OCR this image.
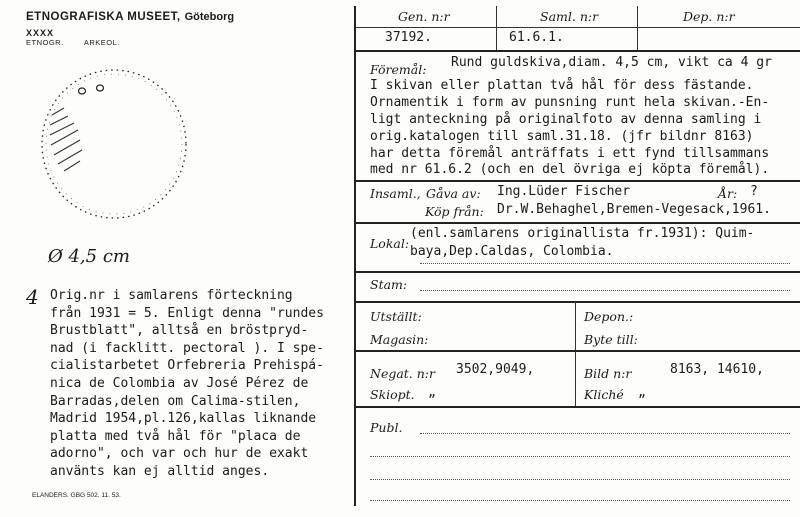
ETNOGRAFISKA MUSEET, Göteborg
XXXX
ETNOGR.	ARKEOL.
Ø 4,5 cm
4 Orig.nr i samlarens förteckning
från 1931 = 5. Enligt denna "rundes
Brustblatt", alltså en bröstpryd-
nad (i facklitt. pectoral ). I spe-
cialistarbetet Orfebreria Prehispá-
nica de Colombia av José Pérez de
Barradas,delen om Calima-stilen,
Madrid 1954,pl.126,kallas liknande
platta med två hål för "placa de
adorno", och var och hur de exakt
använts kan ej alltid anges.
ELANDERS. GBG 502. 11. 53.
Gen. n:r	Saml. n:r	Dep. n:r
37192.	61.6.1.
Föremål: Rund guldskiva,diam. 4,5 cm, vikt ca 4 gr
I skivan eller plattan två hål för dess fästande.
Ornamentik i form av punsning runt hela skivan.-En-
ligt anteckning på originalfoto av denna samling i
orig.katalogen till saml.31.18. (jfr bildnr 8163)
har detta föremål anträffats i ett fynd tillsammans
med nr 61.6.2 (och en del övriga ej köpta föremål).
Insaml., Gåva av: Ing.Lüder Fischer	År: ?
Köp från: Dr.W.Behaghel,Bremen-Vegesack,1961.
Lokal:
(enl.samlarens originallista fr.1931): Quim-
baya,Dep.Caldas, Colombia.
Stam:
Utställt:	Depon.:
Magasin:	Byte till:
Negat. n:r 3502,9049,	Bild n:r	8163, 14610,
Skiopt. „	Kliché „
Publ.
